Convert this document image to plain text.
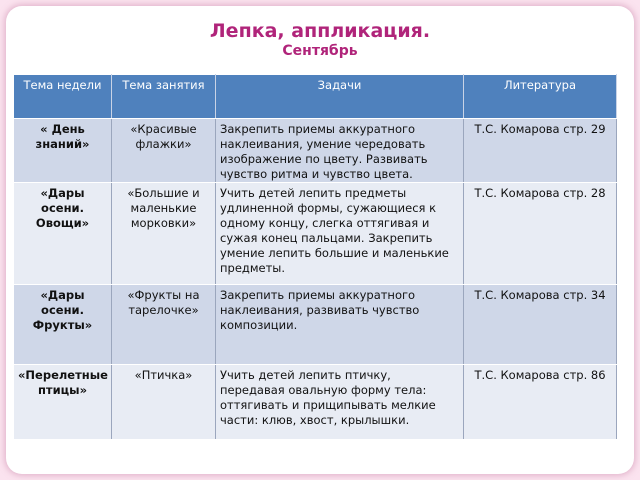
Лепка, аппликация.
Сентябрь
Тема недели	Тема занятия	Задачи	Литература
« День знаний»	«Красивые флажки»	Закрепить приемы аккуратного наклеивания, умение чередовать изображение по цвету. Развивать чувство ритма и чувство цвета.	Т.С. Комарова стр. 29
«Дары осени. Овощи»	«Большие и маленькие морковки»	Учить детей лепить предметы удлиненной формы, сужающиеся к одному концу, слегка оттягивая и сужая конец пальцами. Закрепить умение лепить большие и маленькие предметы.	Т.С. Комарова стр. 28
«Дары осени. Фрукты»	«Фрукты на тарелочке»	Закрепить приемы аккуратного наклеивания, развивать чувство композиции.	Т.С. Комарова стр. 34
«Перелетные птицы»	«Птичка»	Учить детей лепить птичку, передавая овальную форму тела: оттягивать и прищипывать мелкие части: клюв, хвост, крылышки.	Т.С. Комарова стр. 86
